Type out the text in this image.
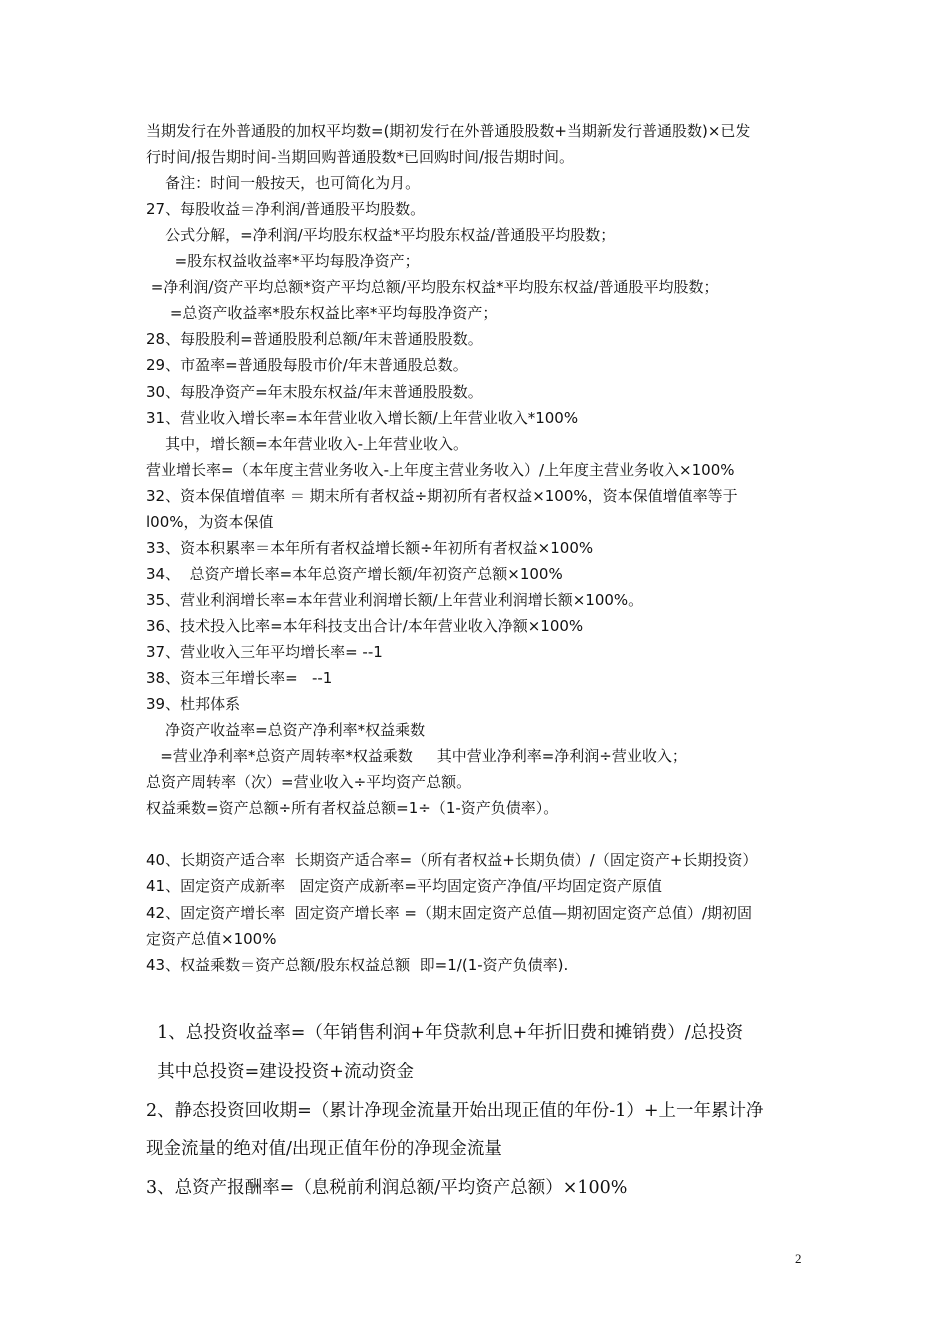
当期发行在外普通股的加权平均数=(期初发行在外普通股股数+当期新发行普通股数)×已发
行时间/报告期时间-当期回购普通股数*已回购时间/报告期时间。
备注：时间一般按天，也可简化为月。
27、每股收益＝净利润/普通股平均股数。
公式分解，=净利润/平均股东权益*平均股东权益/普通股平均股数；
=股东权益收益率*平均每股净资产；
=净利润/资产平均总额*资产平均总额/平均股东权益*平均股东权益/普通股平均股数；
=总资产收益率*股东权益比率*平均每股净资产；
28、每股股利=普通股股利总额/年末普通股股数。
29、市盈率=普通股每股市价/年末普通股总数。
30、每股净资产=年末股东权益/年末普通股股数。
31、营业收入增长率=本年营业收入增长额/上年营业收入*100%
其中，增长额=本年营业收入-上年营业收入。
营业增长率=（本年度主营业务收入-上年度主营业务收入）/上年度主营业务收入×100%
32、资本保值增值率 ＝ 期末所有者权益÷期初所有者权益×100%，资本保值增值率等于
l00%，为资本保值
33、资本积累率＝本年所有者权益增长额÷年初所有者权益×100%
34、  总资产增长率=本年总资产增长额/年初资产总额×100%
35、营业利润增长率=本年营业利润增长额/上年营业利润增长额×100%。
36、技术投入比率=本年科技支出合计/本年营业收入净额×100%
37、营业收入三年平均增长率= --1
38、资本三年增长率=   --1
39、杜邦体系
净资产收益率=总资产净利率*权益乘数
=营业净利率*总资产周转率*权益乘数     其中营业净利率=净利润÷营业收入；
总资产周转率（次）=营业收入÷平均资产总额。
权益乘数=资产总额÷所有者权益总额=1÷（1-资产负债率）。
40、长期资产适合率  长期资产适合率=（所有者权益+长期负债）/（固定资产+长期投资）
41、固定资产成新率   固定资产成新率=平均固定资产净值/平均固定资产原值
42、固定资产增长率  固定资产增长率 =（期末固定资产总值—期初固定资产总值）/期初固
定资产总值×100%
43、权益乘数＝资产总额/股东权益总额  即=1/(1-资产负债率).
1、总投资收益率=（年销售利润+年贷款利息+年折旧费和摊销费）/总投资
其中总投资=建设投资+流动资金
2、静态投资回收期=（累计净现金流量开始出现正值的年份-1）+上一年累计净
现金流量的绝对值/出现正值年份的净现金流量
3、总资产报酬率=（息税前利润总额/平均资产总额）×100%
2
